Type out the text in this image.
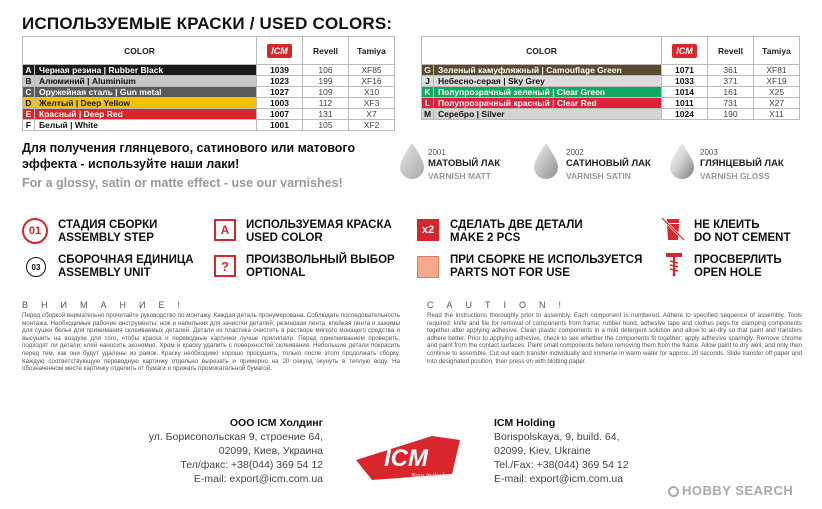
ИСПОЛЬЗУЕМЫЕ КРАСКИ / USED COLORS:
COLOR		ICM	Revell	Tamiya
A	Черная резина | Rubber Black	1039	106	XF85
B	Алюминий | Aluminium	1023	199	XF16
C	Оружейная сталь | Gun metal	1027	109	X10
D	Желтый | Deep Yellow	1003	112	XF3
E	Красный | Deep Red	1007	131	X7
F	Белый | White	1001	105	XF2
COLOR		ICM	Revell	Tamiya
G	Зеленый камуфляжный | Camouflage Green	1071	361	XF81
J	Небесно-серая | Sky Grey	1033	371	XF19
K	Полупрозрачный зеленый | Clear Green	1014	161	X25
L	Полупрозрачный красный | Clear Red	1011	731	X27
M	Серебро | Silver	1024	190	X11
Для получения глянцевого, сатинового или матового эффекта - используйте наши лаки!
For a glossy, satin or matte effect - use our varnishes!
2001
МАТОВЫЙ ЛАК
VARNISH MATT
2002
САТИНОВЫЙ ЛАК
VARNISH SATIN
2003
ГЛЯНЦЕВЫЙ ЛАК
VARNISH GLOSS
01 СТАДИЯ СБОРКИ
ASSEMBLY STEP
03
СБОРОЧНАЯ ЕДИНИЦА
ASSEMBLY UNIT
A ИСПОЛЬЗУЕМАЯ КРАСКА
USED COLOR
? ПРОИЗВОЛЬНЫЙ ВЫБОР
OPTIONAL
x2 СДЕЛАТЬ ДВЕ ДЕТАЛИ
MAKE 2 PCS
ПРИ СБОРКЕ НЕ ИСПОЛЬЗУЕТСЯ
PARTS NOT FOR USE
НЕ КЛЕИТЬ
DO NOT CEMENT
ПРОСВЕРЛИТЬ
OPEN HOLE
ВНИМАНИЕ!
Перед сборкой внимательно прочитайте руководство по монтажу. Каждая деталь пронумерована. Соблюдать последовательность монтажа. Необходимые рабочие инструменты: нож и напильник для зачистки деталей; резиновая лента, клейкая лента и зажимы для сушки белья для прижимания склеиваемых деталей. Детали из пластика очистить в растворе мягкого моющего средства и высушить на воздухе для того, чтобы краска и переводные картинки лучше прилипали. Перед приклеиванием проверить, подходят ли детали; клей наносить экономно. Хром и краску удалить с поверхностей склеивания. Небольшие детали покрасить перед тем, как они будут удалены из рамок. Краску необходимо хорошо просушить, только после этого продолжать сборку. Каждую соответствующую переводную картинку отдельно вырезать и примерно на 20 секунд окунуть в теплую воду. На обозначенном месте картинку отделить от бумаги и прижать промокательной бумагой.
CAUTION!
Read the instructions thoroughly prior to assembly. Each component is numbered. Adhere to specified sequence of assembly. Tools required: knife and file for removal of components from frame; rubber bond, adhesive tape and clothes pegs for clamping components together after applying adhesive. Clean plastic components in a mild detergent solution and allow to air-dry so that paint and transfers adhere better. Prior to applying adhesive, check to see whether the components fit together; apply adhesive sparingly. Remove chrome and paint from the contact surfaces. Paint small components before removing them from the frame. Allow paint to dry well, and only then continue to assemble. Cut out each transfer individually and immerse in warm water for approx. 20 seconds. Slide transfer off paper and into designated position, then press on with blotting paper.
ООО ICM Холдинг
ул. Борисопольская 9, строение 64,
02099, Киев, Украина
Тел/факс: +38(044) 369 54 12
E-mail: export@icm.com.ua
ICM
Nous in the best
ICM Holding
Borispolskaya, 9, build. 64,
02099, Kiev, Ukraine
Tel./Fax: +38(044) 369 54 12
E-mail: export@icm.com.ua
HOBBY SEARCH
